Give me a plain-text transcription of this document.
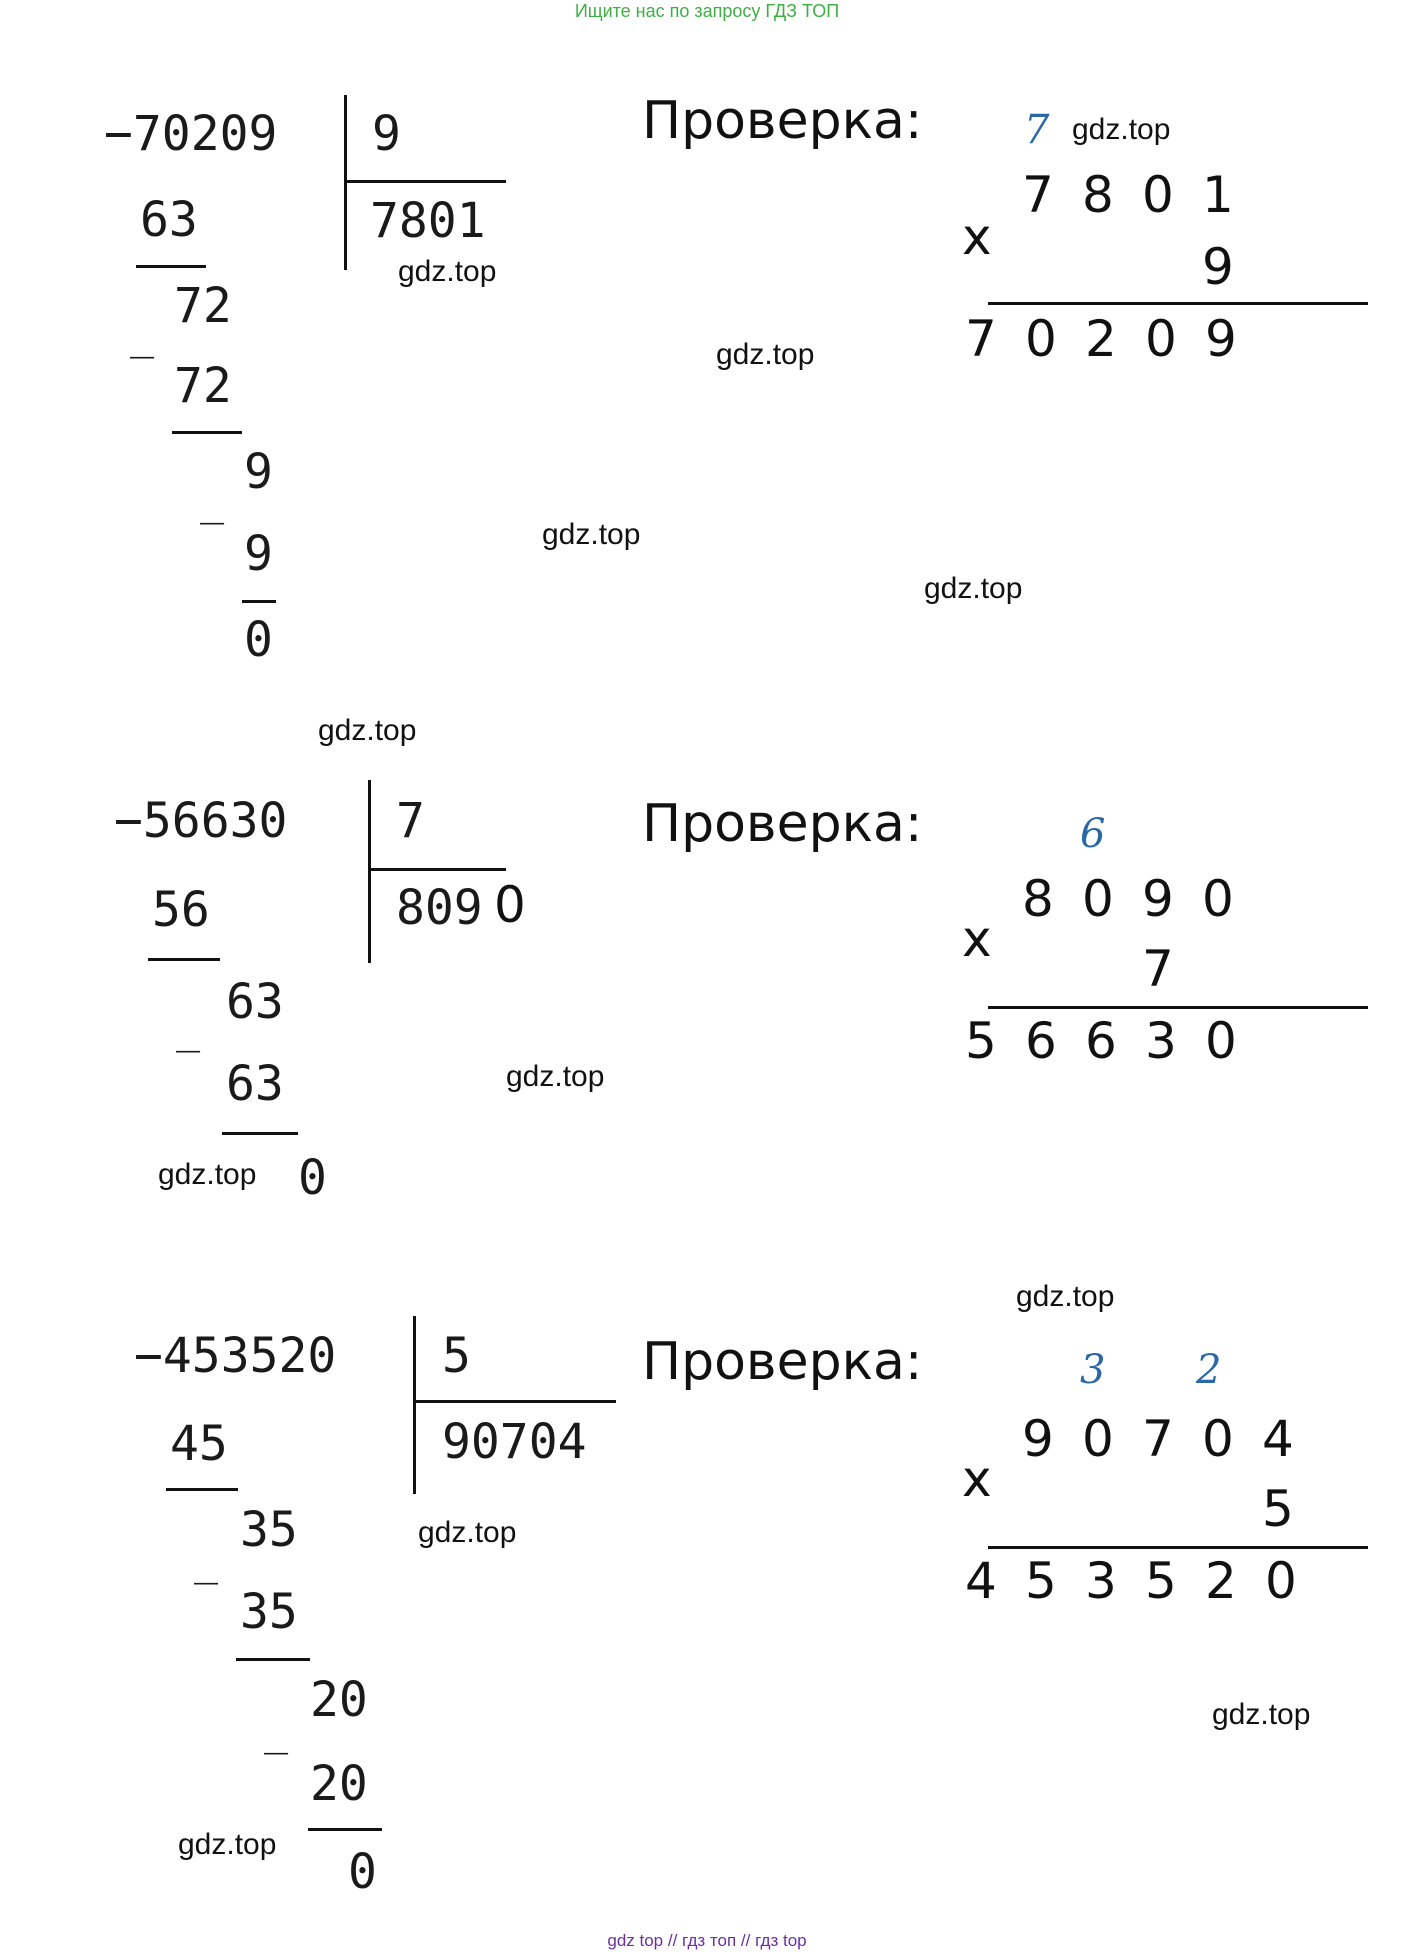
Ищите нас по запросу ГДЗ ТОП
−70209 9
7801
63
_
72
72
_
9
9
0
Проверка:	7 gdz.top
7 8 0 1
x
9
7 0 2 0 9
gdz.top
gdz.top
gdz.top
gdz.top
gdz.top
−56630 7
809 0
56
_ 63
63
0
Проверка:	6
8 0 9 0
x
7
5 6 6 3 0
gdz.top
gdz.top
gdz.top
−453520 5
90704
45
_
35
35
_
20
20
0
Проверка:	3 2
9 0 7 0 4
x
5
4 5 3 5 2 0
gdz.top
gdz.top
gdz.top
gdz top // гдз топ // гдз top
